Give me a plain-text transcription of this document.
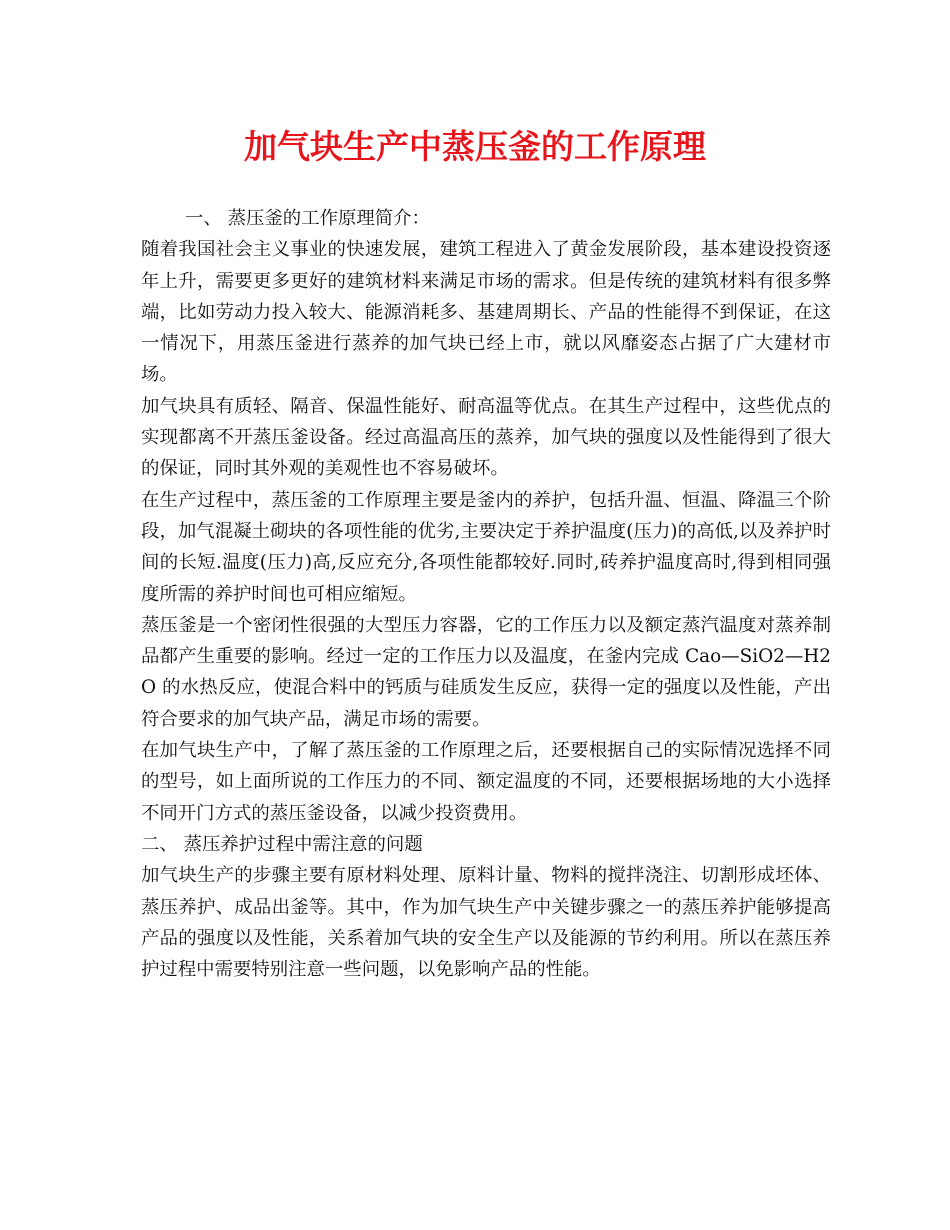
加气块生产中蒸压釜的工作原理

一、 蒸压釜的工作原理简介：

随着我国社会主义事业的快速发展，建筑工程进入了黄金发展阶段，基本建设投资逐年上升，需要更多更好的建筑材料来满足市场的需求。但是传统的建筑材料有很多弊端，比如劳动力投入较大、能源消耗多、基建周期长、产品的性能得不到保证，在这一情况下，用蒸压釜进行蒸养的加气块已经上市，就以风靡姿态占据了广大建材市场。

加气块具有质轻、隔音、保温性能好、耐高温等优点。在其生产过程中，这些优点的实现都离不开蒸压釜设备。经过高温高压的蒸养，加气块的强度以及性能得到了很大的保证，同时其外观的美观性也不容易破坏。

在生产过程中，蒸压釜的工作原理主要是釜内的养护，包括升温、恒温、降温三个阶段，加气混凝土砌块的各项性能的优劣,主要决定于养护温度(压力)的高低,以及养护时间的长短.温度(压力)高,反应充分,各项性能都较好.同时,砖养护温度高时,得到相同强度所需的养护时间也可相应缩短。

蒸压釜是一个密闭性很强的大型压力容器，它的工作压力以及额定蒸汽温度对蒸养制品都产生重要的影响。经过一定的工作压力以及温度，在釜内完成 Cao—SiO2—H2O 的水热反应，使混合料中的钙质与硅质发生反应，获得一定的强度以及性能，产出符合要求的加气块产品，满足市场的需要。

在加气块生产中，了解了蒸压釜的工作原理之后，还要根据自己的实际情况选择不同的型号，如上面所说的工作压力的不同、额定温度的不同，还要根据场地的大小选择不同开门方式的蒸压釜设备，以减少投资费用。

二、 蒸压养护过程中需注意的问题

加气块生产的步骤主要有原材料处理、原料计量、物料的搅拌浇注、切割形成坯体、蒸压养护、成品出釜等。其中，作为加气块生产中关键步骤之一的蒸压养护能够提高产品的强度以及性能，关系着加气块的安全生产以及能源的节约利用。所以在蒸压养护过程中需要特别注意一些问题，以免影响产品的性能。
